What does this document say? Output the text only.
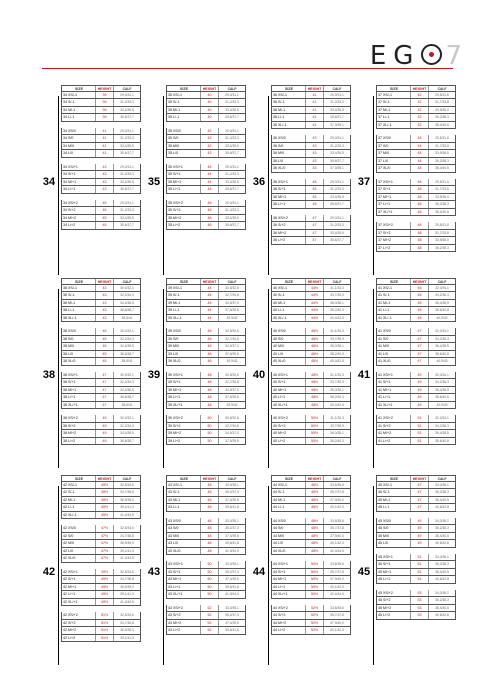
EG 7
34
SIZE	HEIGHT	CALF
34 XS/-1	39	29,0/31,1
34 S/-1	39	31,2/33,3
34 M/-1	39	33,4/35,5
34 L/-1	39	35,6/37,7
34 XS/0	41	29,0/31,1
34 S/0	41	31,2/33,3
34 M/0	41	33,4/35,5
34 L/0	41	35,6/37,7
34 XS/+1	43	29,0/31,1
34 S/+1	43	31,2/33,3
34 M/+1	43	33,4/35,5
34 L/+1	43	35,6/37,7
34 XS/+2	45	29,0/31,1
34 S/+2	45	31,2/33,3
34 M/+2	45	33,4/35,5
34 L/+2	45	35,6/37,7
35
SIZE	HEIGHT	CALF
35 XS/-1	40	29,0/31,1
35 S/-1	40	31,2/33,3
35 M/-1	40	33,4/35,5
35 L/-1	40	35,6/37,7
35 XS/0	42	29,0/31,1
35 S/0	42	31,2/33,3
35 M/0	42	33,4/35,5
35 L/0	42	35,6/37,7
35 XS/+1	44	29,0/31,1
35 S/+1	44	31,2/33,3
35 M/+1	44	33,4/35,5
35 L/+1	44	35,6/37,7
35 XS/+2	46	29,0/31,1
35 S/+2	46	31,2/33,3
35 M/+2	46	33,4/35,5
35 L/+2	46	35,6/37,7
36
SIZE	HEIGHT	CALF
36 XS/-1	41	29,0/31,1
36 S/-1	41	31,2/33,3
36 M/-1	41	33,4/35,5
36 L/-1	41	35,6/37,7
36 XL/-1	41	37,3/39,1
36 XS/0	43	29,0/31,1
36 S/0	43	31,2/33,3
36 M/0	43	33,4/35,5
36 L/0	43	35,6/37,7
36 XL/0	43	37,3/39,1
36 XS/+1	45	29,0/31,1
36 S/+1	45	31,2/33,3
36 M/+1	45	33,4/35,5
36 L/+1	45	35,6/37,7
36 XS/+2	47	29,0/31,1
36 S/+2	47	31,2/33,3
36 M/+2	47	33,4/35,5
36 L/+2	47	35,6/37,7
37
SIZE	HEIGHT	CALF
37 XS/-1	42	29,5/31,6
37 S/-1	42	31,7/33,8
37 M/-1	42	33,9/36,0
37 L/-1	42	36,2/38,3
37 XL/-1	42	38,4/40,6
37 XS/0	44	29,5/31,6
37 S/0	44	31,7/33,8
37 M/0	44	33,9/36,0
37 L/0	44	36,2/38,3
37 XL/0	44	38,4/40,6
37 XS/+1	46	29,5/31,6
37 S/+1	46	31,7/33,8
37 M/+1	46	33,9/36,0
37 L/+1	46	36,2/38,3
37 XL/+1	46	38,4/40,6
37 XS/+2	48	29,5/31,6
37 S/+2	48	31,7/33,8
37 M/+2	48	33,9/36,0
37 L/+2	48	36,2/38,3
38
SIZE	HEIGHT	CALF
38 XS/-1	43	30,0/32,1
38 S/-1	43	32,2/34,3
38 M/-1	43	34,4/36,5
38 L/-1	43	36,6/38,7
38 XL/-1	43	38,8/41
38 XS/0	45	30,0/32,1
38 S/0	45	32,2/34,3
38 M/0	45	34,4/36,5
38 L/0	45	36,6/38,7
38 XL/0	45	38,8/41
38 XS/+1	47	30,0/32,1
38 S/+1	47	32,2/34,3
38 M/+1	47	34,4/36,5
38 L/+1	47	36,6/38,7
38 XL/+1	47	38,8/41
38 XS/+2	49	30,0/32,1
38 S/+2	49	32,2/34,3
38 M/+2	49	34,4/36,5
38 L/+2	49	36,6/38,7
39
SIZE	HEIGHT	CALF
39 XS/-1	44	30,5/32,6
39 S/-1	44	32,7/34,8
39 M/-1	44	34,9/37,0
39 L/-1	44	37,6/39,8
39 XL/-1	44	39,9/42
39 XS/0	46	30,5/32,6
39 S/0	46	32,7/34,8
39 M/0	46	34,9/37,0
39 L/0	46	37,6/39,8
39 XL/0	46	39,9/42
39 XS/+1	48	30,5/32,6
39 S/+1	48	32,7/34,8
39 M/+1	48	34,9/37,0
39 L/+1	48	37,6/39,8
39 XL/+1	48	39,9/42
39 XS/+2	50	30,5/32,6
39 S/+2	50	32,7/34,8
39 M/+2	50	34,9/37,0
39 L/+2	50	37,6/39,8
40
SIZE	HEIGHT	CALF
40 XS/-1	44½	31,1/33,3
40 S/-1	44½	33,7/35,9
40 M/-1	44½	36,0/38,1
40 L/-1	44½	38,2/40,3
40 XL/-1	44½	40,4/42,5
40 XS/0	46½	31,1/33,3
40 S/0	46½	33,7/35,9
40 M/0	46½	36,0/38,1
40 L/0	46½	38,2/40,3
40 XL/0	46½	40,4/42,5
40 XS/+1	48½	31,1/33,3
40 S/+1	48½	33,7/35,9
40 M/+1	48½	36,0/38,1
40 L/+1	48½	38,2/40,3
40 XL/+1	48½	40,4/42,5
40 XS/+2	50½	31,1/33,3
40 S/+2	50½	33,7/35,9
40 M/+2	50½	36,0/38,1
40 L/+2	50½	38,2/40,3
41
SIZE	HEIGHT	CALF
41 XS/-1	45	32,0/34,1
41 S/-1	45	34,2/36,3
41 M/-1	45	36,4/38,5
41 L/-1	45	38,6/40,8
41 XL/-1	45	40,9/43
41 XS/0	47	32,0/34,1
41 S/0	47	34,2/36,3
41 M/0	47	36,4/38,5
41 L/0	47	38,6/40,8
41 XL/0	47	40,9/43
41 XS/+1	49	32,0/34,1
41 S/+1	49	34,2/36,3
41 M/+1	49	36,4/38,5
41 L/+1	49	38,6/40,8
41 XL/+1	49	40,9/43
41 XS/+2	51	32,0/34,1
41 S/+2	51	34,2/36,3
41 M/+2	51	36,4/38,5
41 L/+2	51	38,6/40,8
42
SIZE	HEIGHT	CALF
42 XS/-1	45½	32,5/34,6
42 S/-1	45½	34,7/36,8
42 M/-1	45½	36,9/39,0
42 L/-1	45½	39,1/41,3
42 XL/-1	45½	41,4/43,5
42 XS/0	47½	32,5/34,6
42 S/0	47½	34,7/36,8
42 M/0	47½	36,9/39,0
42 L/0	47½	39,1/41,3
42 XL/0	47½	41,4/43,5
42 XS/+1	49½	32,5/34,6
42 S/+1	49½	34,7/36,8
42 M/+1	49½	36,9/39,0
42 L/+1	49½	39,1/41,3
42 XL/+1	49½	41,4/43,5
42 XS/+2	51½	32,5/34,6
42 S/+2	51½	34,7/36,8
42 M/+2	51½	36,9/39,0
42 L/+2	51½	39,1/41,3
43
SIZE	HEIGHT	CALF
43 XS/-1	46	33,0/35,1
43 S/-1	46	35,2/37,3
43 M/-1	46	37,4/39,5
43 L/-1	46	39,6/41,8
43 XS/0	48	33,0/35,1
43 S/0	48	35,2/37,3
43 M/0	48	37,4/39,5
43 L/0	48	39,6/41,8
43 XL/0	48	41,9/44,0
43 XS/+1	50	33,0/35,1
43 S/+1	50	35,2/37,3
43 M/+1	50	37,4/39,5
43 L/+1	50	39,6/41,8
43 XL/+1	50	41,9/44,0
43 XS/+2	52	33,0/35,1
43 S/+2	52	35,2/37,3
43 M/+2	52	37,4/39,5
43 L/+2	52	39,6/41,8
44
SIZE	HEIGHT	CALF
44 XS/-1	46½	33,6/35,6
44 S/-1	46½	35,7/37,8
44 M/-1	46½	37,9/40,0
44 L/-1	46½	40,1/42,3
44 XS/0	48½	33,6/35,6
44 S/0	48½	35,7/37,8
44 M/0	48½	37,9/40,0
44 L/0	48½	40,1/42,3
44 XL/0	48½	42,4/44,5
44 XS/+1	50½	33,6/35,6
44 S/+1	50½	35,7/37,8
44 M/+1	50½	37,9/40,0
44 L/+1	50½	40,1/42,3
44 XL/+1	50½	42,4/44,5
44 XS/+2	52½	33,6/35,6
44 S/+2	52½	35,7/37,8
44 M/+2	52½	37,9/40,0
44 L/+2	52½	40,1/42,3
45
SIZE	HEIGHT	CALF
45 XS/-1	47	34,0/36,1
45 S/-1	47	36,2/38,3
45 M/-1	47	38,4/40,5
45 L/-1	47	40,6/42,8
45 XS/0	49	34,0/36,1
45 S/0	49	36,2/38,3
45 M/0	49	38,4/40,5
45 L/0	49	40,6/42,8
45 XS/+1	51	34,0/36,1
45 S/+1	51	36,2/38,3
45 M/+1	51	38,4/40,5
45 L/+1	51	40,6/42,8
45 XS/+2	53	34,0/36,1
45 S/+2	53	36,2/38,3
45 M/+2	53	38,4/40,5
45 L/+2	53	40,6/42,8
